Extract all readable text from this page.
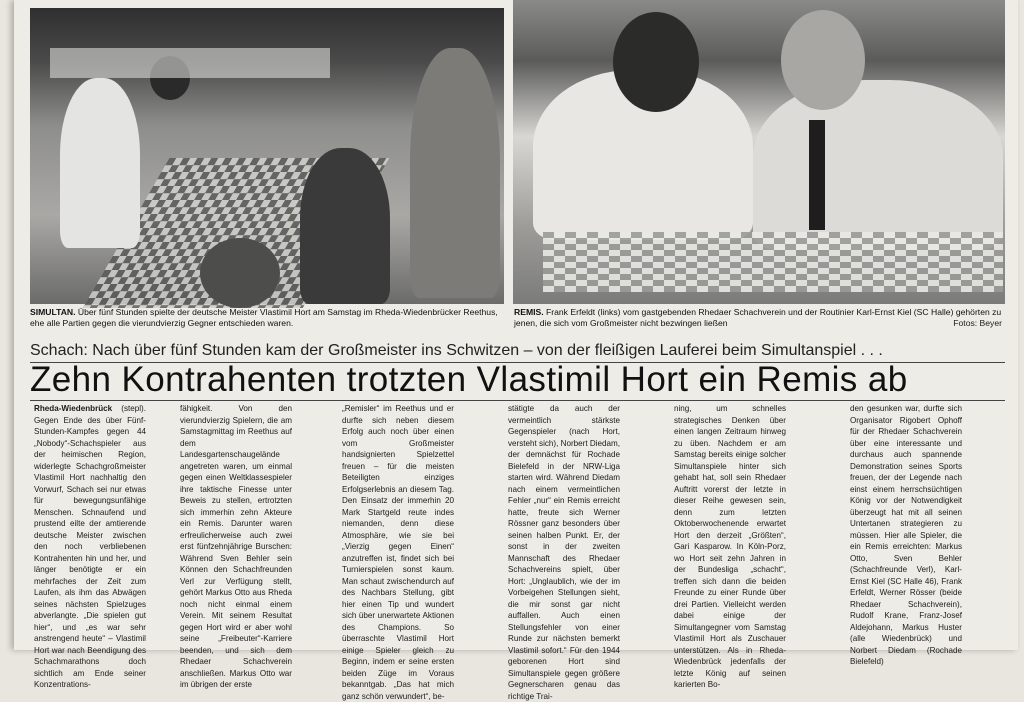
SIMULTAN. Über fünf Stunden spielte der deutsche Meister Vlastimil Hort am Samstag im Rheda-Wiedenbrücker Reethus, ehe alle Partien gegen die vierundvierzig Gegner entschieden waren.
REMIS. Frank Erfeldt (links) vom gastgebenden Rhedaer Schachverein und der Routinier Karl-Ernst Kiel (SC Halle) gehörten zu jenen, die sich vom Großmeister nicht bezwingen ließen	Fotos: Beyer
Schach: Nach über fünf Stunden kam der Großmeister ins Schwitzen – von der fleißigen Lauferei beim Simultanspiel . . .
Zehn Kontrahenten trotzten Vlastimil Hort ein Remis ab

Rheda-Wiedenbrück (stepl). Gegen Ende des über Fünf-Stunden-Kampfes gegen 44 „Nobody“-Schachspieler aus der heimischen Region, widerlegte Schachgroßmeister Vlastimil Hort nachhaltig den Vorwurf, Schach sei nur etwas für bewegungsunfähige Menschen. Schnaufend und prustend eilte der amtierende deutsche Meister zwischen den noch verbliebenen Kontrahenten hin und her, und länger benötigte er ein mehrfaches der Zeit zum Laufen, als ihm das Abwägen seines nächsten Spielzuges abverlangte. „Die spielen gut hier“, und „es war sehr anstrengend heute“ – Vlastimil Hort war nach Beendigung des Schachmarathons doch sichtlich am Ende seiner Konzentrations-

fähigkeit. Von den vierundvierzig Spielern, die am Samstagmittag im Reethus auf dem Landesgartenschaugelände angetreten waren, um einmal gegen einen Weltklassespieler ihre taktische Finesse unter Beweis zu stellen, ertrotzten sich immerhin zehn Akteure ein Remis. Darunter waren erfreulicherweise auch zwei erst fünfzehnjährige Burschen: Während Sven Behler sein Können den Schachfreunden Verl zur Verfügung stellt, gehört Markus Otto aus Rheda noch nicht einmal einem Verein. Mit seinem Resultat gegen Hort wird er aber wohl seine „Freibeuter“-Karriere beenden, und sich dem Rhedaer Schachverein anschließen. Markus Otto war im übrigen der erste

„Remisler“ im Reethus und er durfte sich neben diesem Erfolg auch noch über einen vom Großmeister handsignierten Spielzettel freuen – für die meisten Beteiligten einziges Erfolgserlebnis an diesem Tag. Den Einsatz der immerhin 20 Mark Startgeld reute indes niemanden, denn diese Atmosphäre, wie sie bei „Vierzig gegen Einen“ anzutreffen ist, findet sich bei Turnierspielen sonst kaum. Man schaut zwischendurch auf des Nachbars Stellung, gibt hier einen Tip und wundert sich über unerwartete Aktionen des Champions. So überraschte Vlastimil Hort einige Spieler gleich zu Beginn, indem er seine ersten beiden Züge im Voraus bekanntgab. „Das hat mich ganz schön verwundert“, be-

stätigte da auch der vermeintlich stärkste Gegenspieler (nach Hort, versteht sich), Norbert Diedam, der demnächst für Rochade Bielefeld in der NRW-Liga starten wird. Während Diedam nach einem vermeintlichen Fehler „nur“ ein Remis erreicht hatte, freute sich Werner Rössner ganz besonders über seinen halben Punkt. Er, der sonst in der zweiten Mannschaft des Rhedaer Schachvereins spielt, über Hort: „Unglaublich, wie der im Vorbeigehen Stellungen sieht, die mir sonst gar nicht auffallen. Auch einen Stellungsfehler von einer Runde zur nächsten bemerkt Vlastimil sofort.“ Für den 1944 geborenen Hort sind Simultanspiele gegen größere Gegnerscharen genau das richtige Trai-

ning, um schnelles strategisches Denken über einen langen Zeitraum hinweg zu üben. Nachdem er am Samstag bereits einige solcher Simultanspiele hinter sich gehabt hat, soll sein Rhedaer Auftritt vorerst der letzte in dieser Reihe gewesen sein, denn zum letzten Oktoberwochenende erwartet Hort den derzeit „Größten“, Gari Kasparow. In Köln-Porz, wo Hort seit zehn Jahren in der Bundesliga „schacht“, treffen sich dann die beiden Freunde zu einer Runde über drei Partien. Vielleicht werden dabei einige der Simultangegner vom Samstag Vlastimil Hort als Zuschauer unterstützen. Als in Rheda-Wiedenbrück jedenfalls der letzte König auf seinen karierten Bo-

den gesunken war, durfte sich Organisator Rigobert Ophoff für der Rhedaer Schachverein über eine interessante und durchaus auch spannende Demonstration seines Sports freuen, der der Legende nach einst einem herrschsüchtigen König vor der Notwendigkeit überzeugt hat mit all seinen Untertanen strategieren zu müssen. Hier alle Spieler, die ein Remis erreichten: Markus Otto, Sven Behler (Schachfreunde Verl), Karl-Ernst Kiel (SC Halle 46), Frank Erfeldt, Werner Rösser (beide Rhedaer Schachverein), Rudolf Krane, Franz-Josef Aldejohann, Markus Huster (alle Wiedenbrück) und Norbert Diedam (Rochade Bielefeld)
